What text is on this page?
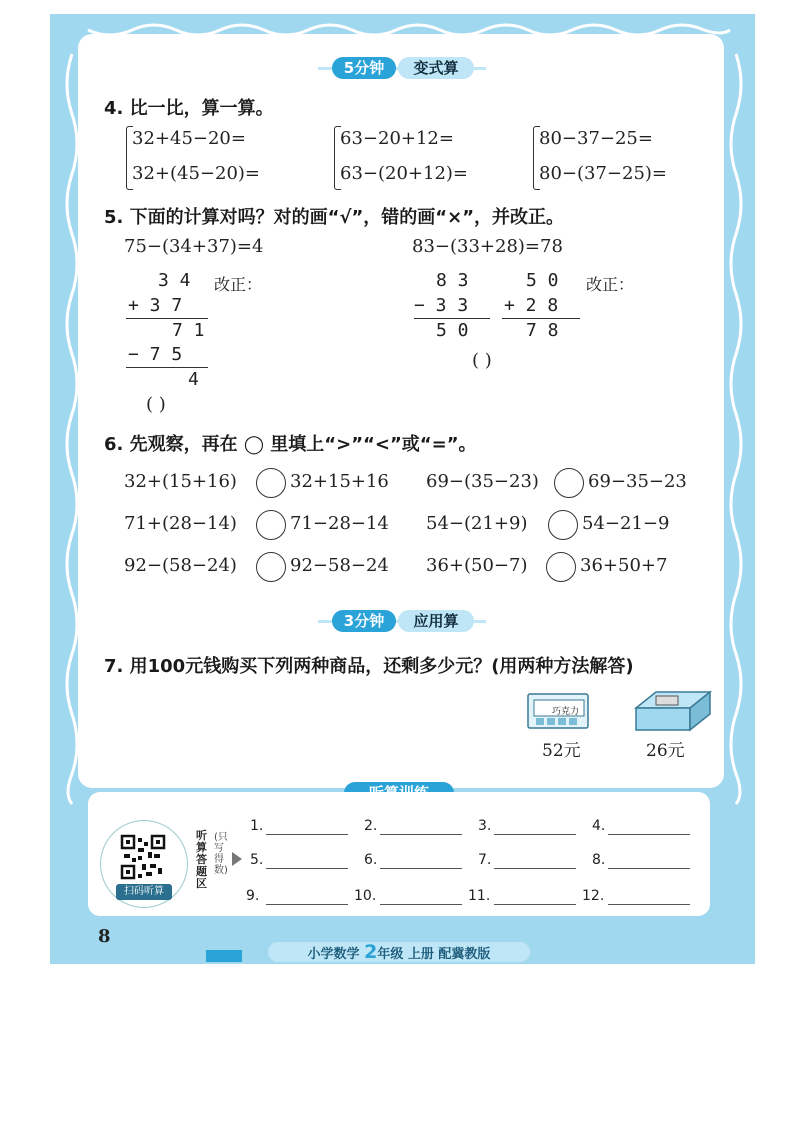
5分钟	变式算
4. 比一比，算一算。
32+45−20=
32+(45−20)=
63−20+12=
63−(20+12)=
80−37−25=
80−(37−25)=
5. 下面的计算对吗？对的画“√”，错的画“×”，并改正。
75−(34+37)=4	83−(33+28)=78
3 4 改正：
+ 3 7
7 1
− 7 5
4
( )
8 3
− 3 3
5 0
5 0 改正：
+ 2 8
7 8
( )
6. 先观察，再在 ◯ 里填上“>”“<”或“=”。
32+(15+16)	32+15+16 69−(35−23)	69−35−23
71+(28−14)	71−28−14 54−(21+9)	54−21−9
92−(58−24)	92−58−24 36+(50−7)	36+50+7
3分钟	应用算
7. 用100元钱购买下列两种商品，还剩多少元？(用两种方法解答)
巧克力
52元	26元
扫码听算
听算答题区
(只写得数)
1.	2.	3.	4.
5.	6.	7.	8.
9.	10.	11.	12.
8
小学数学 2年级 上册 配冀教版
